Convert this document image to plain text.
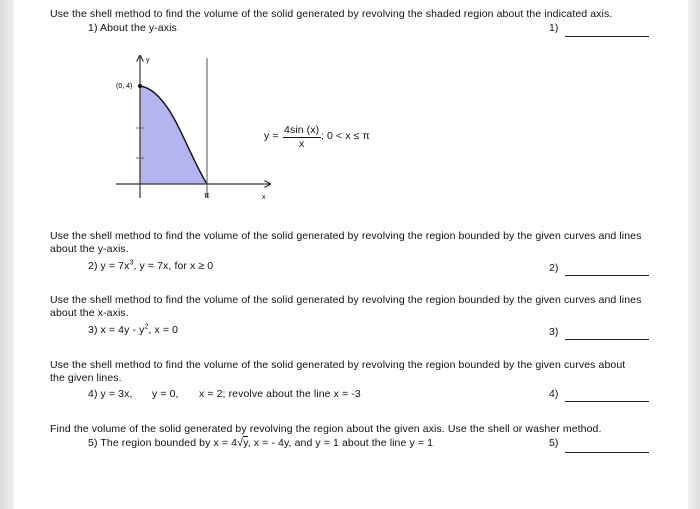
Use the shell method to find the volume of the solid generated by revolving the shaded region about the indicated axis.
1) About the y-axis	1)
(0, 4)
y
π	x
y = 4sin (x)
x
; 0 < x ≤ π
Use the shell method to find the volume of the solid generated by revolving the region bounded by the given curves and lines about the y-axis.
2) $y = 7x^3$, y = 7x, for x ≥ 0	2)
Use the shell method to find the volume of the solid generated by revolving the region bounded by the given curves and lines about the x-axis.
3) $x = 4y - y^2$, x = 0	3)
Use the shell method to find the volume of the solid generated by revolving the region bounded by the given curves about the given lines.
4) y = 3x, y = 0, x = 2; revolve about the line x = -3	4)
Find the volume of the solid generated by revolving the region about the given axis. Use the shell or washer method.
5) The region bounded by x = 4√y, x = - 4y, and y = 1 about the line y = 1	5)
